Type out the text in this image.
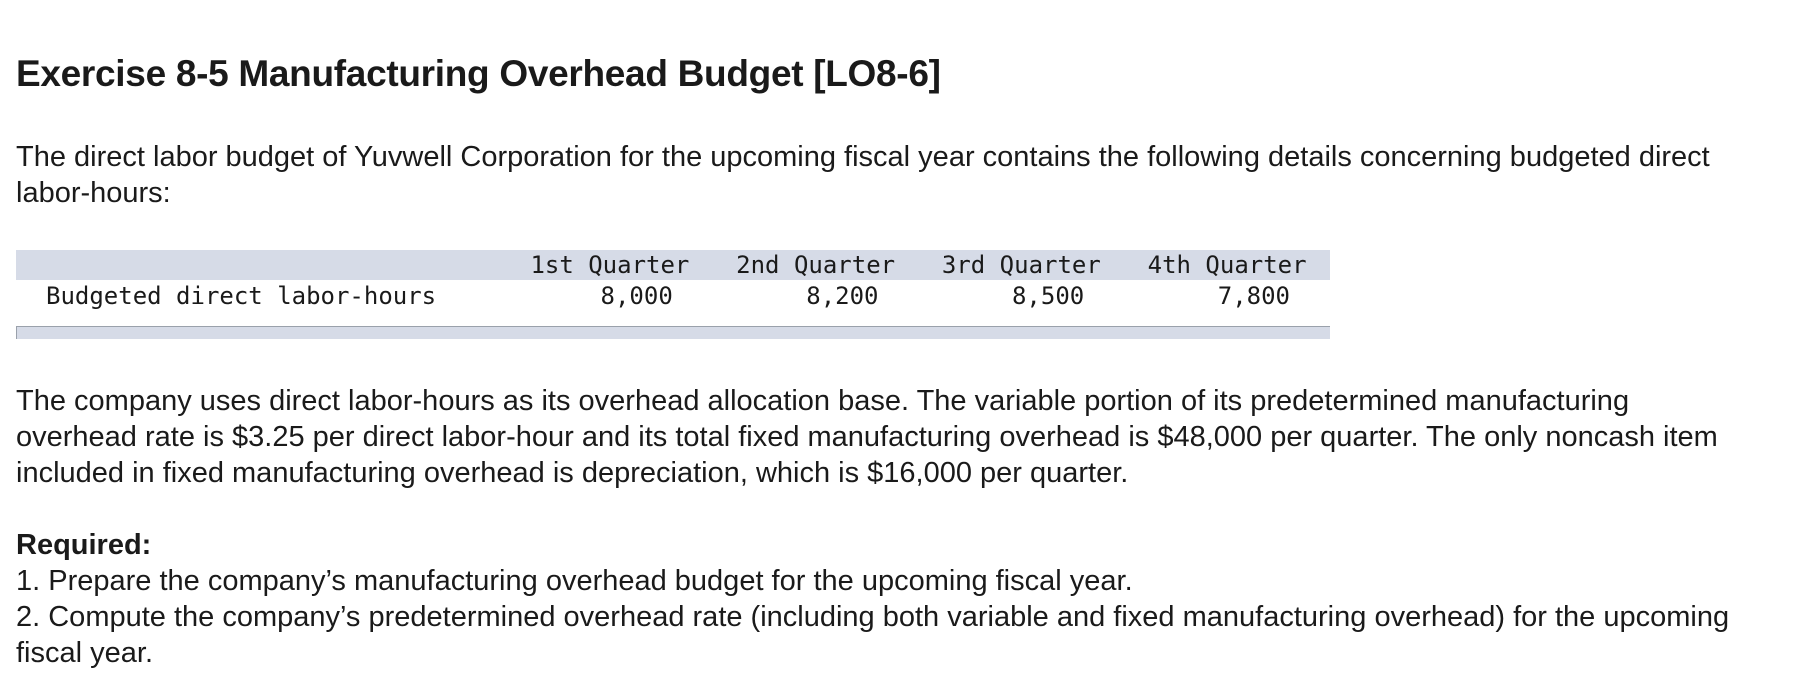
Exercise 8-5 Manufacturing Overhead Budget [LO8-6]

The direct labor budget of Yuvwell Corporation for the upcoming fiscal year contains the following details concerning budgeted direct labor-hours:

	1st Quarter	2nd Quarter	3rd Quarter	4th Quarter
Budgeted direct labor-hours	8,000	8,200	8,500	7,800

The company uses direct labor-hours as its overhead allocation base. The variable portion of its predetermined manufacturing overhead rate is $3.25 per direct labor-hour and its total fixed manufacturing overhead is $48,000 per quarter. The only noncash item included in fixed manufacturing overhead is depreciation, which is $16,000 per quarter.

Required:
1. Prepare the company’s manufacturing overhead budget for the upcoming fiscal year.
2. Compute the company’s predetermined overhead rate (including both variable and fixed manufacturing overhead) for the upcoming fiscal year.
